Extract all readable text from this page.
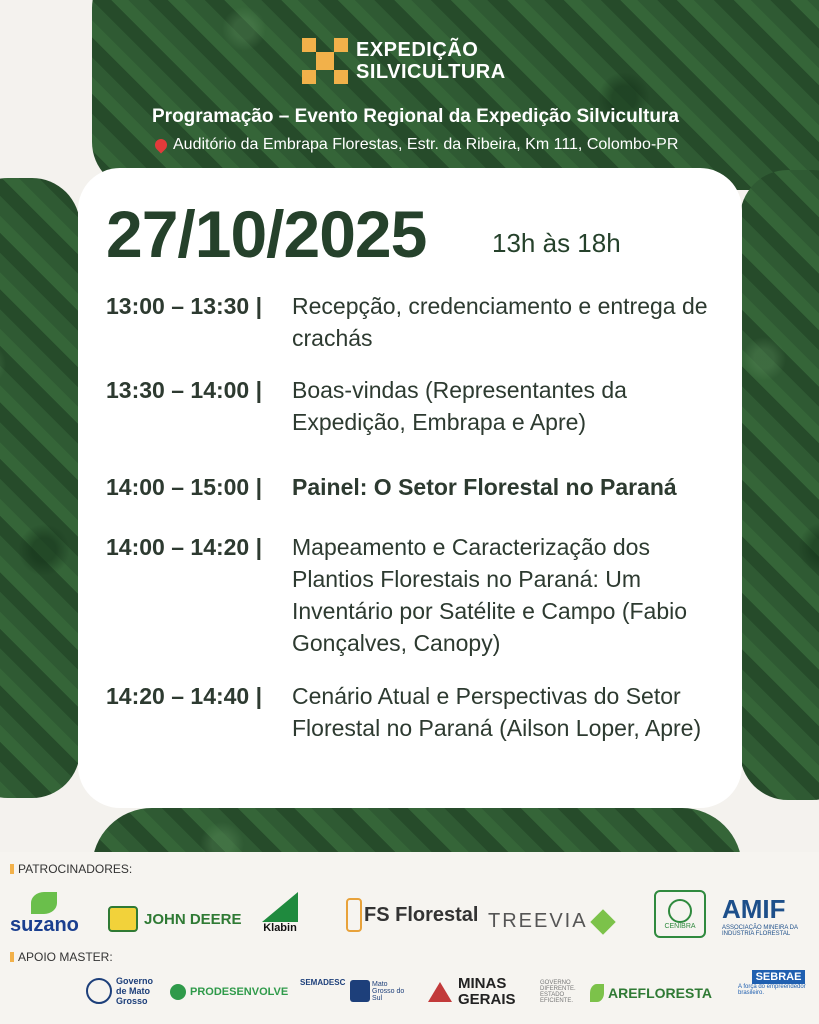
EXPEDIÇÃO
SILVICULTURA
Programação – Evento Regional da Expedição Silvicultura
Auditório da Embrapa Florestas, Estr. da Ribeira, Km 111, Colombo-PR
27/10/2025	13h às 18h
13:00 – 13:30 |	Recepção, credenciamento e entrega de crachás
13:30 – 14:00 |	Boas-vindas (Representantes da Expedição, Embrapa e Apre)
14:00 – 15:00 |	Painel: O Setor Florestal no Paraná
14:00 – 14:20 |	Mapeamento e Caracterização dos Plantios Florestais no Paraná: Um Inventário por Satélite e Campo (Fabio Gonçalves, Canopy)
14:20 – 14:40 |	Cenário Atual e Perspectivas do Setor Florestal no Paraná (Ailson Loper, Apre)
PATROCINADORES:
suzano	JOHN DEERE
Klabin
FS Florestal TREEVIA	CENIBRA
AMIF
ASSOCIAÇÃO MINEIRA DA INDÚSTRIA FLORESTAL
APOIO MASTER:
Governo de Mato Grosso
PRODESENVOLVE
SEMADESC	Mato Grosso do Sul
MINAS GERAIS
GOVERNO DIFERENTE. ESTADO EFICIENTE.	AREFLORESTA
SEBRAE
A força do empreendedor brasileiro.
